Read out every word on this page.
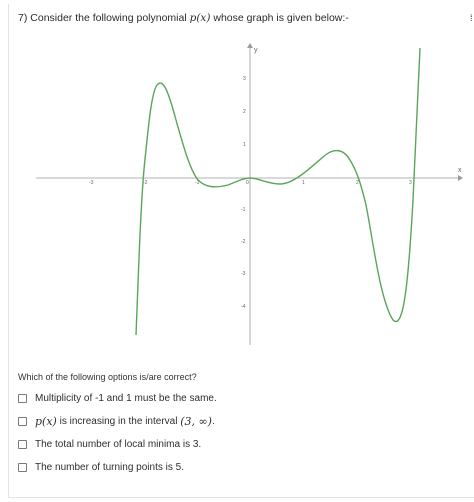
⁞
7) Consider the following polynomial p(x) whose graph is given below:-
x
y
-3	-2	-1	0	1	2	3
3
2
1
-1
-2
-3
-4
Which of the following options is/are correct?
Multiplicity of -1 and 1 must be the same.
p(x) is increasing in the interval (3, ∞) .
The total number of local minima is 3.
The number of turning points is 5.
